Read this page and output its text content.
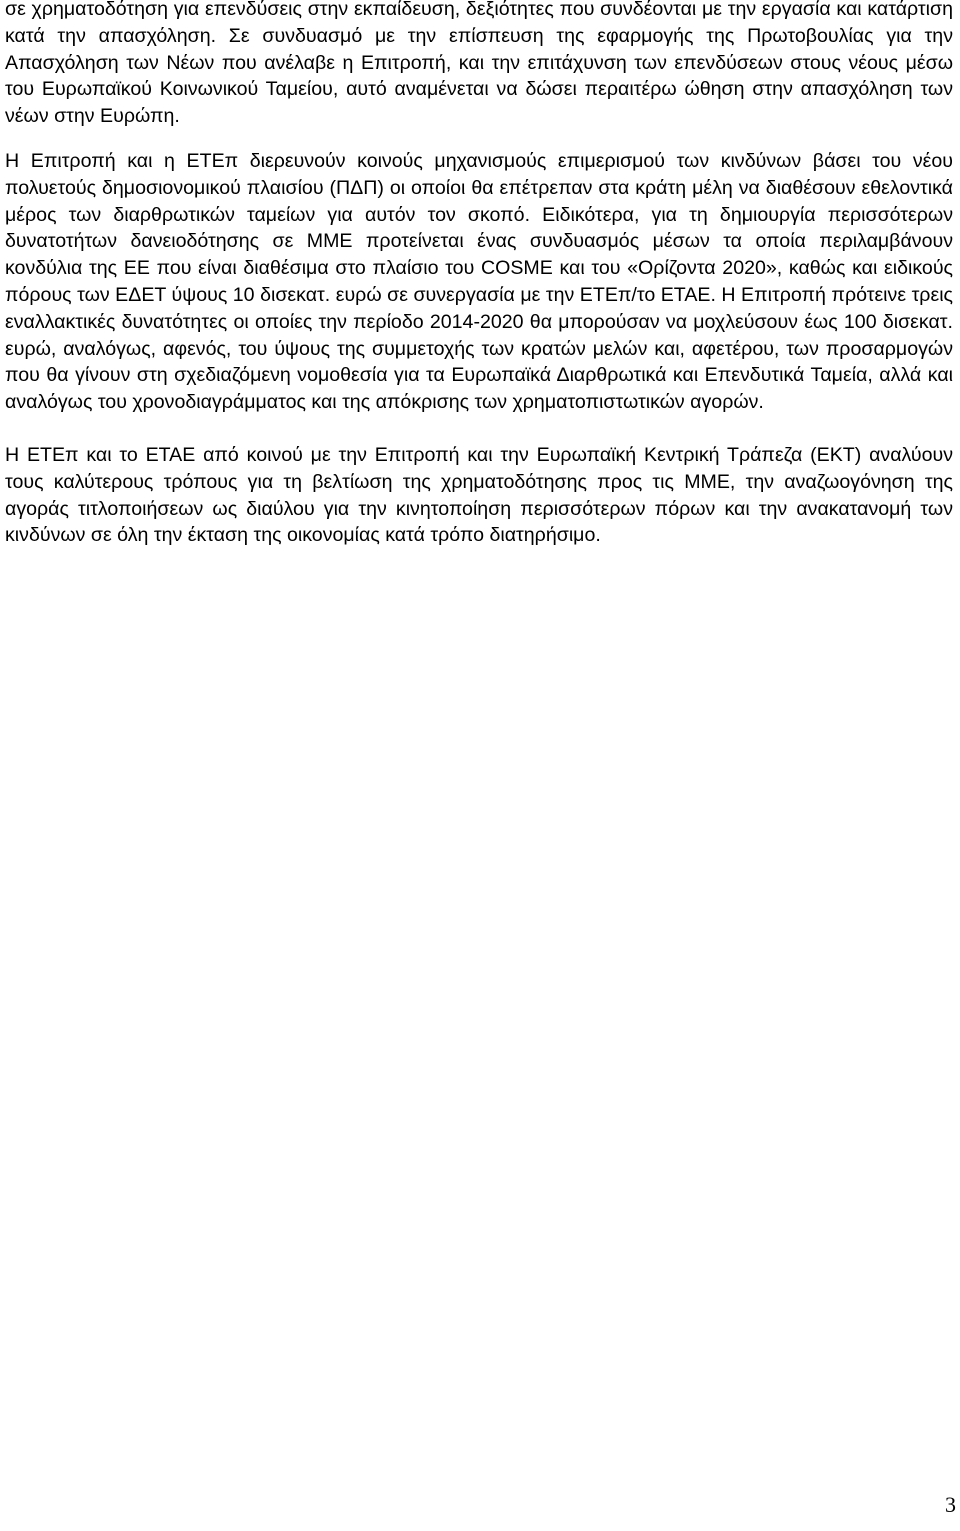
σε χρηματοδότηση για επενδύσεις στην εκπαίδευση, δεξιότητες που συνδέονται με την εργασία και κατάρτιση κατά την απασχόληση. Σε συνδυασμό με την επίσπευση της εφαρμογής της Πρωτοβουλίας για την Απασχόληση των Νέων που ανέλαβε η Επιτροπή, και την επιτάχυνση των επενδύσεων στους νέους μέσω του Ευρωπαϊκού Κοινωνικού Ταμείου, αυτό αναμένεται να δώσει περαιτέρω ώθηση στην απασχόληση των νέων στην Ευρώπη.

Η Επιτροπή και η ΕΤΕπ διερευνούν κοινούς μηχανισμούς επιμερισμού των κινδύνων βάσει του νέου πολυετούς δημοσιονομικού πλαισίου (ΠΔΠ) οι οποίοι θα επέτρεπαν στα κράτη μέλη να διαθέσουν εθελοντικά μέρος των διαρθρωτικών ταμείων για αυτόν τον σκοπό. Ειδικότερα, για τη δημιουργία περισσότερων δυνατοτήτων δανειοδότησης σε ΜΜΕ προτείνεται ένας συνδυασμός μέσων τα οποία περιλαμβάνουν κονδύλια της ΕΕ που είναι διαθέσιμα στο πλαίσιο του COSME και του «Ορίζοντα 2020», καθώς και ειδικούς πόρους των ΕΔΕΤ ύψους 10 δισεκατ. ευρώ σε συνεργασία με την ΕΤΕπ/το ΕΤΑΕ. Η Επιτροπή πρότεινε τρεις εναλλακτικές δυνατότητες οι οποίες την περίοδο 2014-2020 θα μπορούσαν να μοχλεύσουν έως 100 δισεκατ. ευρώ, αναλόγως, αφενός, του ύψους της συμμετοχής των κρατών μελών και, αφετέρου, των προσαρμογών που θα γίνουν στη σχεδιαζόμενη νομοθεσία για τα Ευρωπαϊκά Διαρθρωτικά και Επενδυτικά Ταμεία, αλλά και αναλόγως του χρονοδιαγράμματος και της απόκρισης των χρηματοπιστωτικών αγορών.

Η ΕΤΕπ και το ΕΤΑΕ από κοινού με την Επιτροπή και την Ευρωπαϊκή Κεντρική Τράπεζα (ΕΚΤ) αναλύουν τους καλύτερους τρόπους για τη βελτίωση της χρηματοδότησης προς τις ΜΜΕ, την αναζωογόνηση της αγοράς τιτλοποιήσεων ως διαύλου για την κινητοποίηση περισσότερων πόρων και την ανακατανομή των κινδύνων σε όλη την έκταση της οικονομίας κατά τρόπο διατηρήσιμο.

3
